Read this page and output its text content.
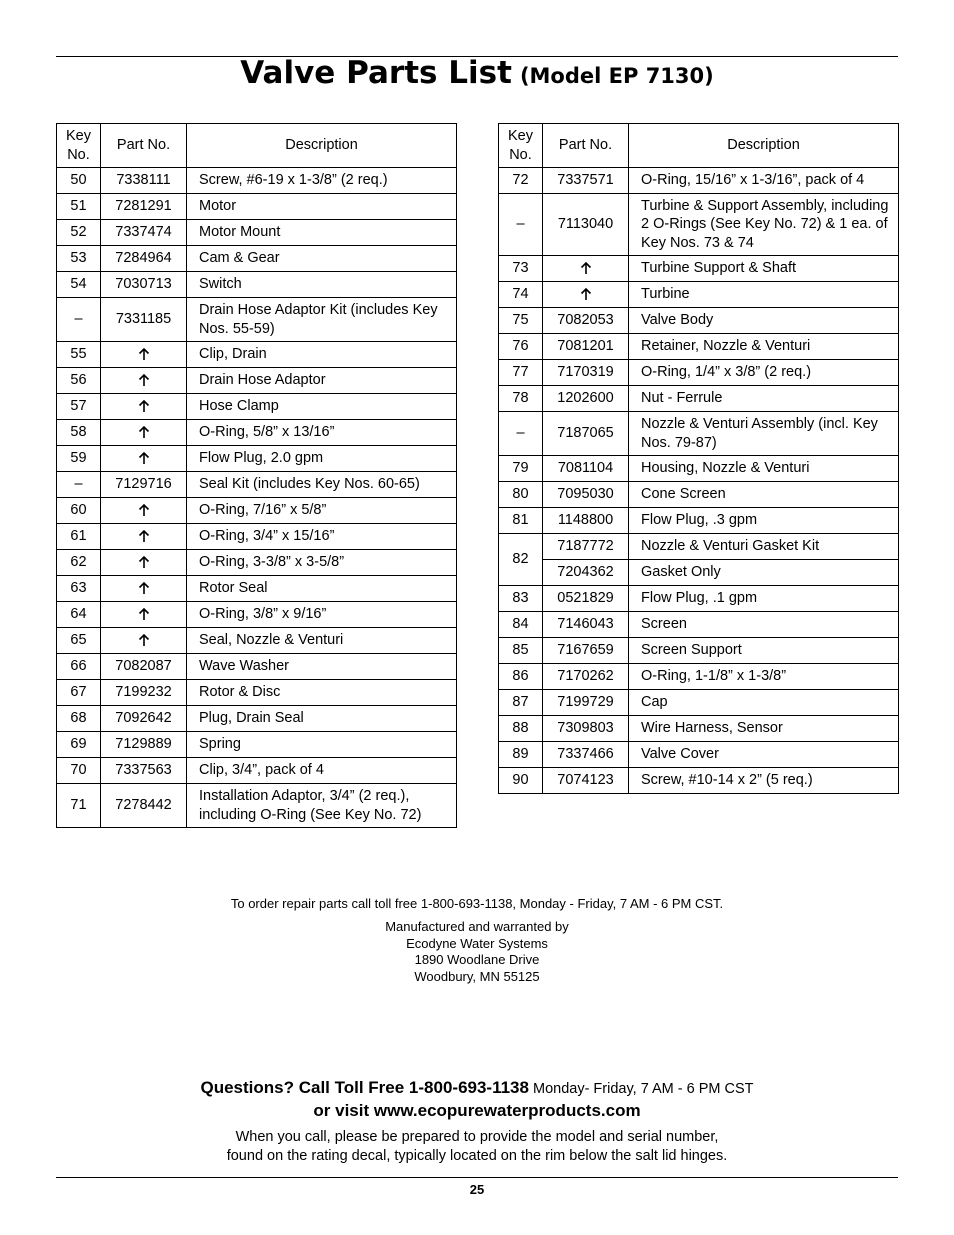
Valve Parts List (Model EP 7130)
Key No.	Part No.	Description
50	7338111	Screw, #6-19 x 1-3/8” (2 req.)
51	7281291	Motor
52	7337474	Motor Mount
53	7284964	Cam & Gear
54	7030713	Switch
–	7331185	Drain Hose Adaptor Kit (includes Key Nos. 55-59)
55		Clip, Drain
56		Drain Hose Adaptor
57		Hose Clamp
58		O-Ring, 5/8” x 13/16”
59		Flow Plug, 2.0 gpm
–	7129716	Seal Kit (includes Key Nos. 60-65)
60		O-Ring, 7/16” x 5/8”
61		O-Ring, 3/4” x 15/16”
62		O-Ring, 3-3/8” x 3-5/8”
63		Rotor Seal
64		O-Ring, 3/8” x 9/16”
65		Seal, Nozzle & Venturi
66	7082087	Wave Washer
67	7199232	Rotor & Disc
68	7092642	Plug, Drain Seal
69	7129889	Spring
70	7337563	Clip, 3/4”, pack of 4
71	7278442	Installation Adaptor, 3/4” (2 req.), including O-Ring (See Key No. 72)
Key No.	Part No.	Description
72	7337571	O-Ring, 15/16” x 1-3/16”, pack of 4
–	7113040	Turbine & Support Assembly, including 2 O-Rings (See Key No. 72) & 1 ea. of Key Nos. 73 & 74
73		Turbine Support & Shaft
74		Turbine
75	7082053	Valve Body
76	7081201	Retainer, Nozzle & Venturi
77	7170319	O-Ring, 1/4” x 3/8” (2 req.)
78	1202600	Nut - Ferrule
–	7187065	Nozzle & Venturi Assembly (incl. Key Nos. 79-87)
79	7081104	Housing, Nozzle & Venturi
80	7095030	Cone Screen
81	1148800	Flow Plug, .3 gpm
82	7187772	Nozzle & Venturi Gasket Kit
	7204362	Gasket Only
83	0521829	Flow Plug, .1 gpm
84	7146043	Screen
85	7167659	Screen Support
86	7170262	O-Ring, 1-1/8” x 1-3/8”
87	7199729	Cap
88	7309803	Wire Harness, Sensor
89	7337466	Valve Cover
90	7074123	Screw, #10-14 x 2” (5 req.)
To order repair parts call toll free 1-800-693-1138, Monday - Friday, 7 AM - 6 PM CST.
Manufactured and warranted by
Ecodyne Water Systems
1890 Woodlane Drive
Woodbury, MN 55125
Questions? Call Toll Free 1-800-693-1138 Monday- Friday, 7 AM - 6 PM CST
or visit www.ecopurewaterproducts.com
When you call, please be prepared to provide the model and serial number,
found on the rating decal, typically located on the rim below the salt lid hinges.
25
